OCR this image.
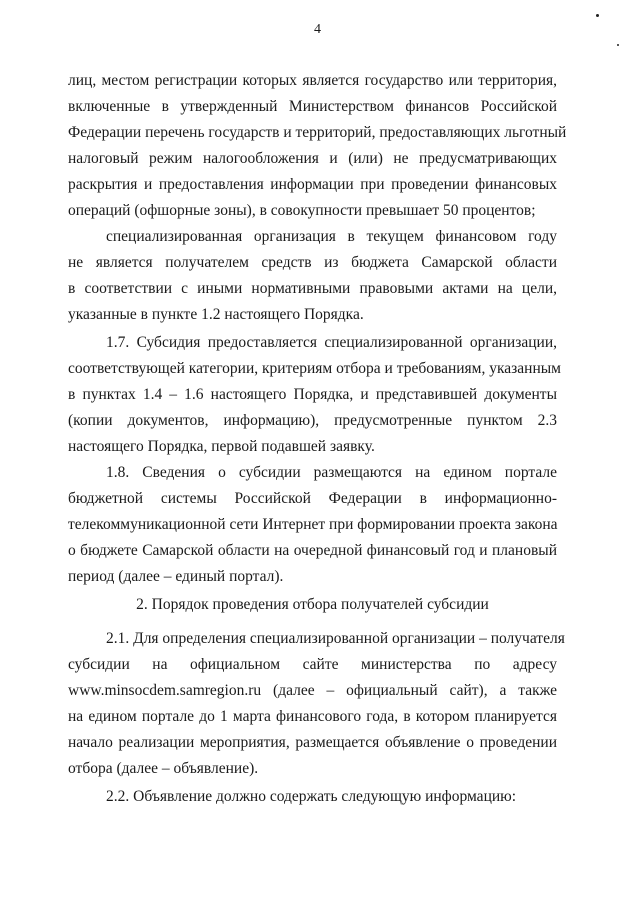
4
лиц, местом регистрации которых является государство или территория,
включенные в утвержденный Министерством финансов Российской
Федерации перечень государств и территорий, предоставляющих льготный
налоговый режим налогообложения и (или) не предусматривающих
раскрытия и предоставления информации при проведении финансовых
операций (офшорные зоны), в совокупности превышает 50 процентов;
специализированная организация в текущем финансовом году
не является получателем средств из бюджета Самарской области
в соответствии с иными нормативными правовыми актами на цели,
указанные в пункте 1.2 настоящего Порядка.
1.7. Субсидия предоставляется специализированной организации,
соответствующей категории, критериям отбора и требованиям, указанным
в пунктах 1.4 – 1.6 настоящего Порядка, и представившей документы
(копии документов, информацию), предусмотренные пунктом 2.3
настоящего Порядка, первой подавшей заявку.
1.8. Сведения о субсидии размещаются на едином портале
бюджетной системы Российской Федерации в информационно-
телекоммуникационной сети Интернет при формировании проекта закона
о бюджете Самарской области на очередной финансовый год и плановый
период (далее – единый портал).
2. Порядок проведения отбора получателей субсидии
2.1. Для определения специализированной организации – получателя
субсидии на официальном сайте министерства по адресу
www.minsocdem.samregion.ru (далее – официальный сайт), а также
на едином портале до 1 марта финансового года, в котором планируется
начало реализации мероприятия, размещается объявление о проведении
отбора (далее – объявление).
2.2. Объявление должно содержать следующую информацию:
